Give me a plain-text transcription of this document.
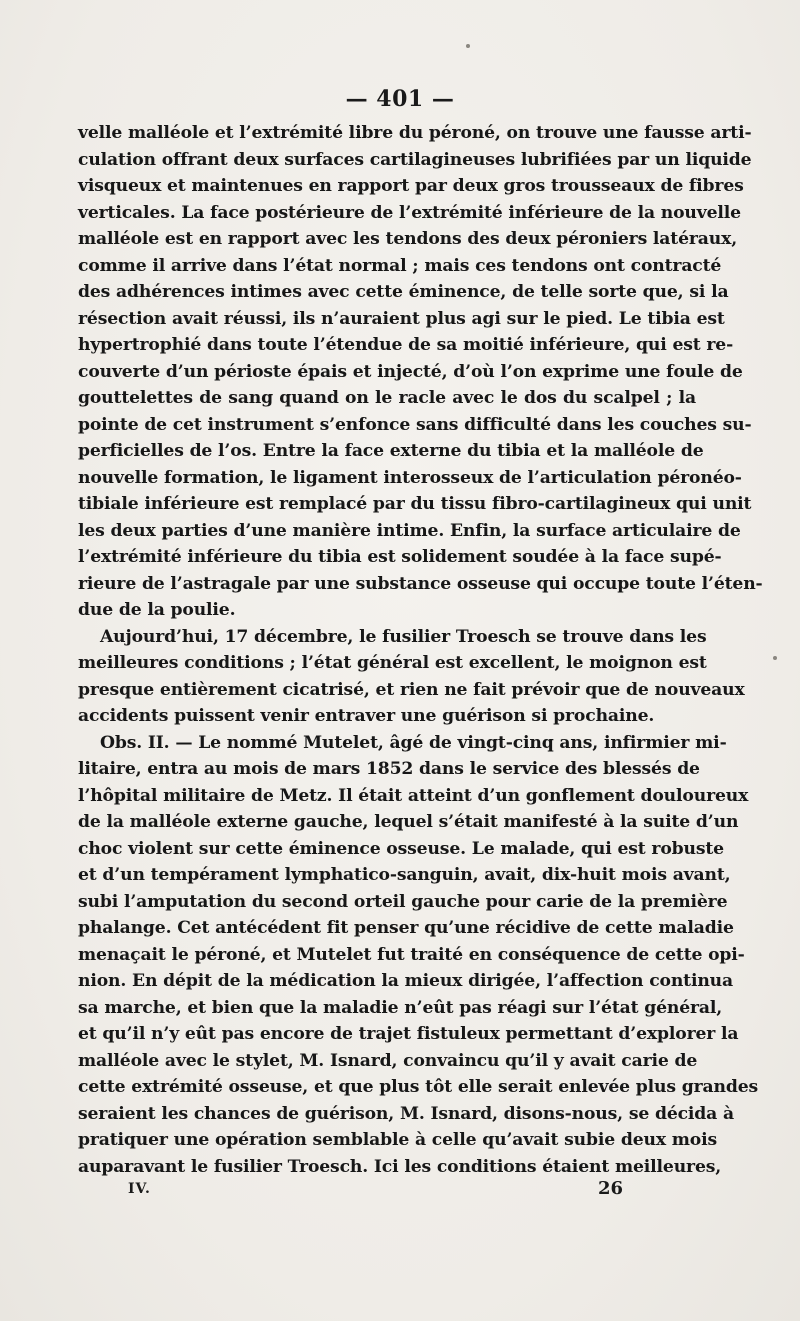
— 401 —
velle malléole et l’extrémité libre du péroné, on trouve une fausse arti-
culation offrant deux surfaces cartilagineuses lubrifiées par un liquide
visqueux et maintenues en rapport par deux gros trousseaux de fibres
verticales. La face postérieure de l’extrémité inférieure de la nouvelle
malléole est en rapport avec les tendons des deux péroniers latéraux,
comme il arrive dans l’état normal ; mais ces tendons ont contracté
des adhérences intimes avec cette éminence, de telle sorte que, si la
résection avait réussi, ils n’auraient plus agi sur le pied. Le tibia est
hypertrophié dans toute l’étendue de sa moitié inférieure, qui est re-
couverte d’un périoste épais et injecté, d’où l’on exprime une foule de
gouttelettes de sang quand on le racle avec le dos du scalpel ; la
pointe de cet instrument s’enfonce sans difficulté dans les couches su-
perficielles de l’os. Entre la face externe du tibia et la malléole de
nouvelle formation, le ligament interosseux de l’articulation péronéo-
tibiale inférieure est remplacé par du tissu fibro-cartilagineux qui unit
les deux parties d’une manière intime. Enfin, la surface articulaire de
l’extrémité inférieure du tibia est solidement soudée à la face supé-
rieure de l’astragale par une substance osseuse qui occupe toute l’éten-
due de la poulie.
Aujourd’hui, 17 décembre, le fusilier Troesch se trouve dans les
meilleures conditions ; l’état général est excellent, le moignon est
presque entièrement cicatrisé, et rien ne fait prévoir que de nouveaux
accidents puissent venir entraver une guérison si prochaine.
Obs. II. — Le nommé Mutelet, âgé de vingt-cinq ans, infirmier mi-
litaire, entra au mois de mars 1852 dans le service des blessés de
l’hôpital militaire de Metz. Il était atteint d’un gonflement douloureux
de la malléole externe gauche, lequel s’était manifesté à la suite d’un
choc violent sur cette éminence osseuse. Le malade, qui est robuste
et d’un tempérament lymphatico-sanguin, avait, dix-huit mois avant,
subi l’amputation du second orteil gauche pour carie de la première
phalange. Cet antécédent fit penser qu’une récidive de cette maladie
menaçait le péroné, et Mutelet fut traité en conséquence de cette opi-
nion. En dépit de la médication la mieux dirigée, l’affection continua
sa marche, et bien que la maladie n’eût pas réagi sur l’état général,
et qu’il n’y eût pas encore de trajet fistuleux permettant d’explorer la
malléole avec le stylet, M. Isnard, convaincu qu’il y avait carie de
cette extrémité osseuse, et que plus tôt elle serait enlevée plus grandes
seraient les chances de guérison, M. Isnard, disons-nous, se décida à
pratiquer une opération semblable à celle qu’avait subie deux mois
auparavant le fusilier Troesch. Ici les conditions étaient meilleures,
IV.	26
